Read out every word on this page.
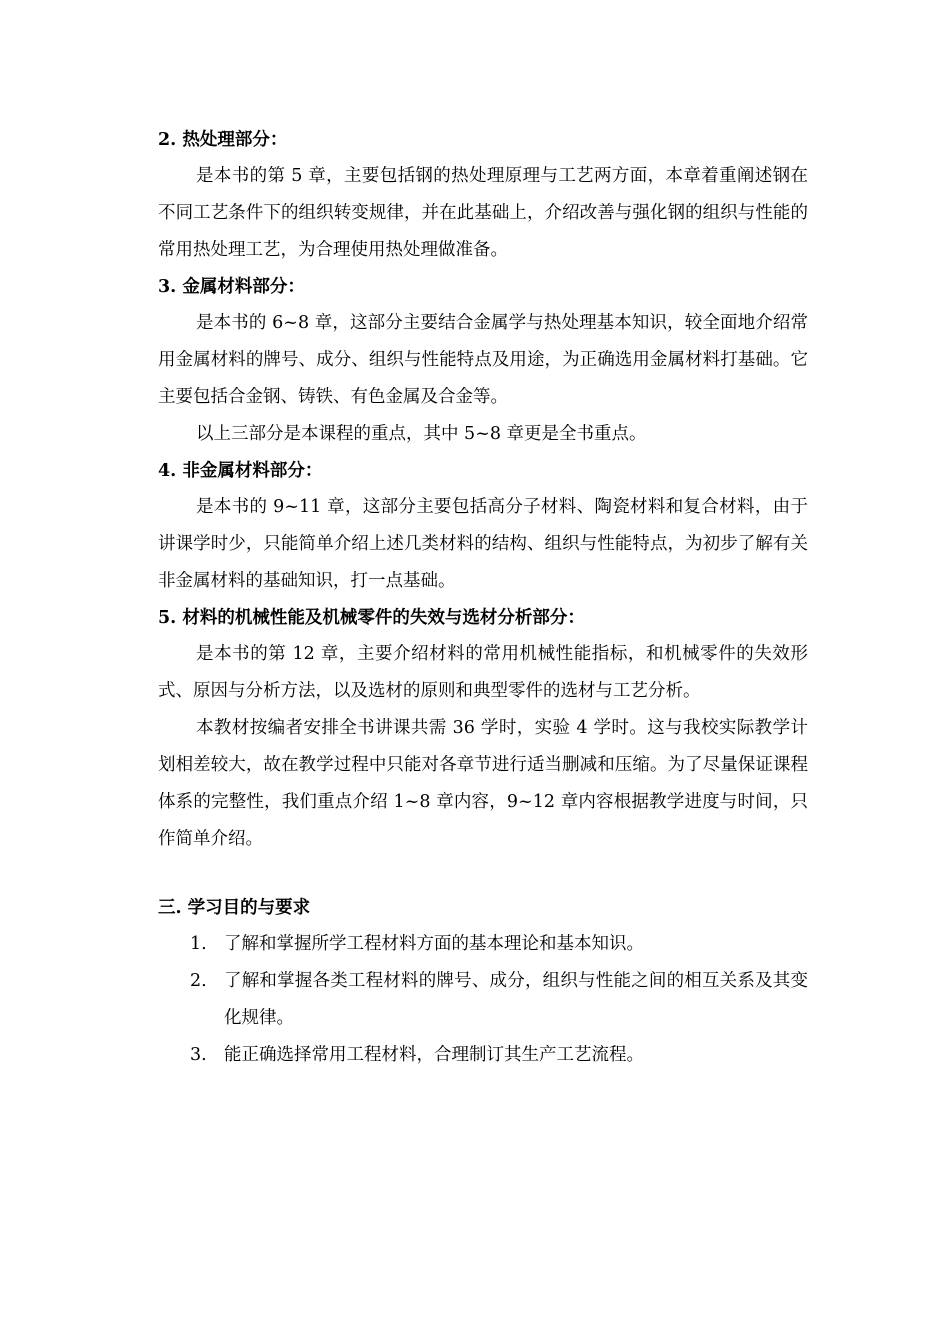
2. 热处理部分：

是本书的第 5 章，主要包括钢的热处理原理与工艺两方面，本章着重阐述钢在不同工艺条件下的组织转变规律，并在此基础上，介绍改善与强化钢的组织与性能的常用热处理工艺，为合理使用热处理做准备。

3. 金属材料部分：

是本书的 6~8 章，这部分主要结合金属学与热处理基本知识，较全面地介绍常用金属材料的牌号、成分、组织与性能特点及用途，为正确选用金属材料打基础。它主要包括合金钢、铸铁、有色金属及合金等。

以上三部分是本课程的重点，其中 5~8 章更是全书重点。

4. 非金属材料部分：

是本书的 9~11 章，这部分主要包括高分子材料、陶瓷材料和复合材料，由于讲课学时少，只能简单介绍上述几类材料的结构、组织与性能特点，为初步了解有关非金属材料的基础知识，打一点基础。

5. 材料的机械性能及机械零件的失效与选材分析部分：

是本书的第 12 章，主要介绍材料的常用机械性能指标，和机械零件的失效形式、原因与分析方法，以及选材的原则和典型零件的选材与工艺分析。

本教材按编者安排全书讲课共需 36 学时，实验 4 学时。这与我校实际教学计划相差较大，故在教学过程中只能对各章节进行适当删减和压缩。为了尽量保证课程体系的完整性，我们重点介绍 1~8 章内容，9~12 章内容根据教学进度与时间，只作简单介绍。

三. 学习目的与要求
1. 了解和掌握所学工程材料方面的基本理论和基本知识。
2. 了解和掌握各类工程材料的牌号、成分，组织与性能之间的相互关系及其变化规律。
3. 能正确选择常用工程材料，合理制订其生产工艺流程。
